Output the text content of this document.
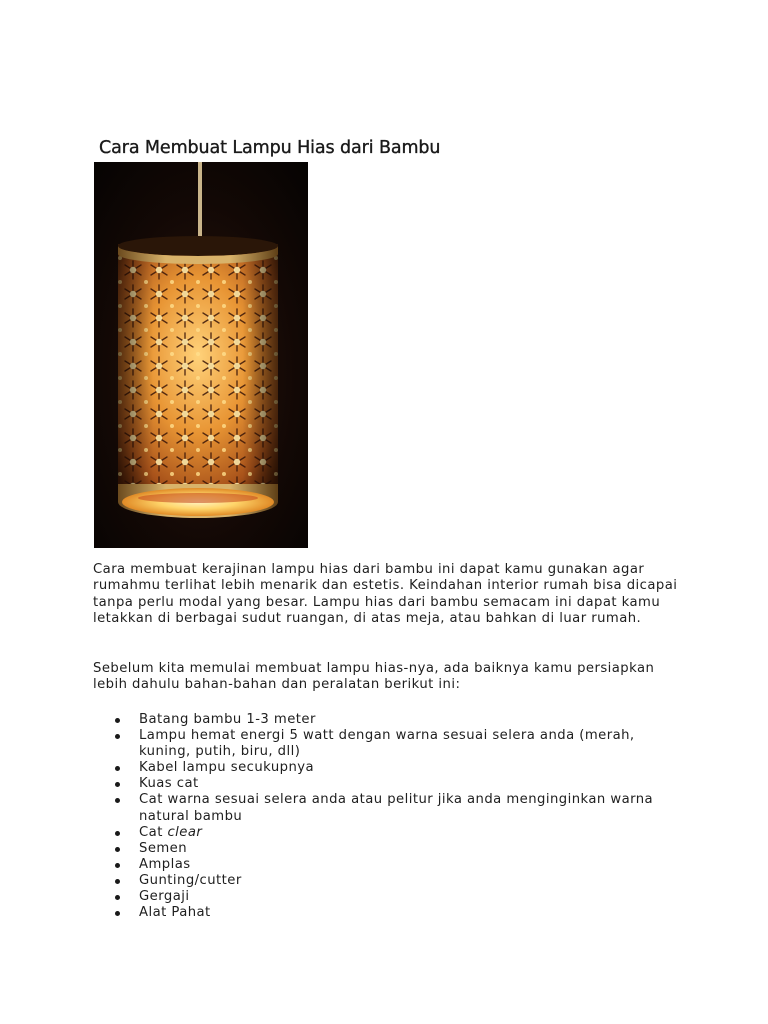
Cara Membuat Lampu Hias dari Bambu

Cara membuat kerajinan lampu hias dari bambu ini dapat kamu gunakan agar rumahmu terlihat lebih menarik dan estetis. Keindahan interior rumah bisa dicapai tanpa perlu modal yang besar. Lampu hias dari bambu semacam ini dapat kamu letakkan di berbagai sudut ruangan, di atas meja, atau bahkan di luar rumah.

Sebelum kita memulai membuat lampu hias-nya, ada baiknya kamu persiapkan lebih dahulu bahan-bahan dan peralatan berikut ini:

Batang bambu 1-3 meter
Lampu hemat energi 5 watt dengan warna sesuai selera anda (merah, kuning, putih, biru, dll)
Kabel lampu secukupnya
Kuas cat
Cat warna sesuai selera anda atau pelitur jika anda menginginkan warna natural bambu
Cat clear
Semen
Amplas
Gunting/cutter
Gergaji
Alat Pahat
